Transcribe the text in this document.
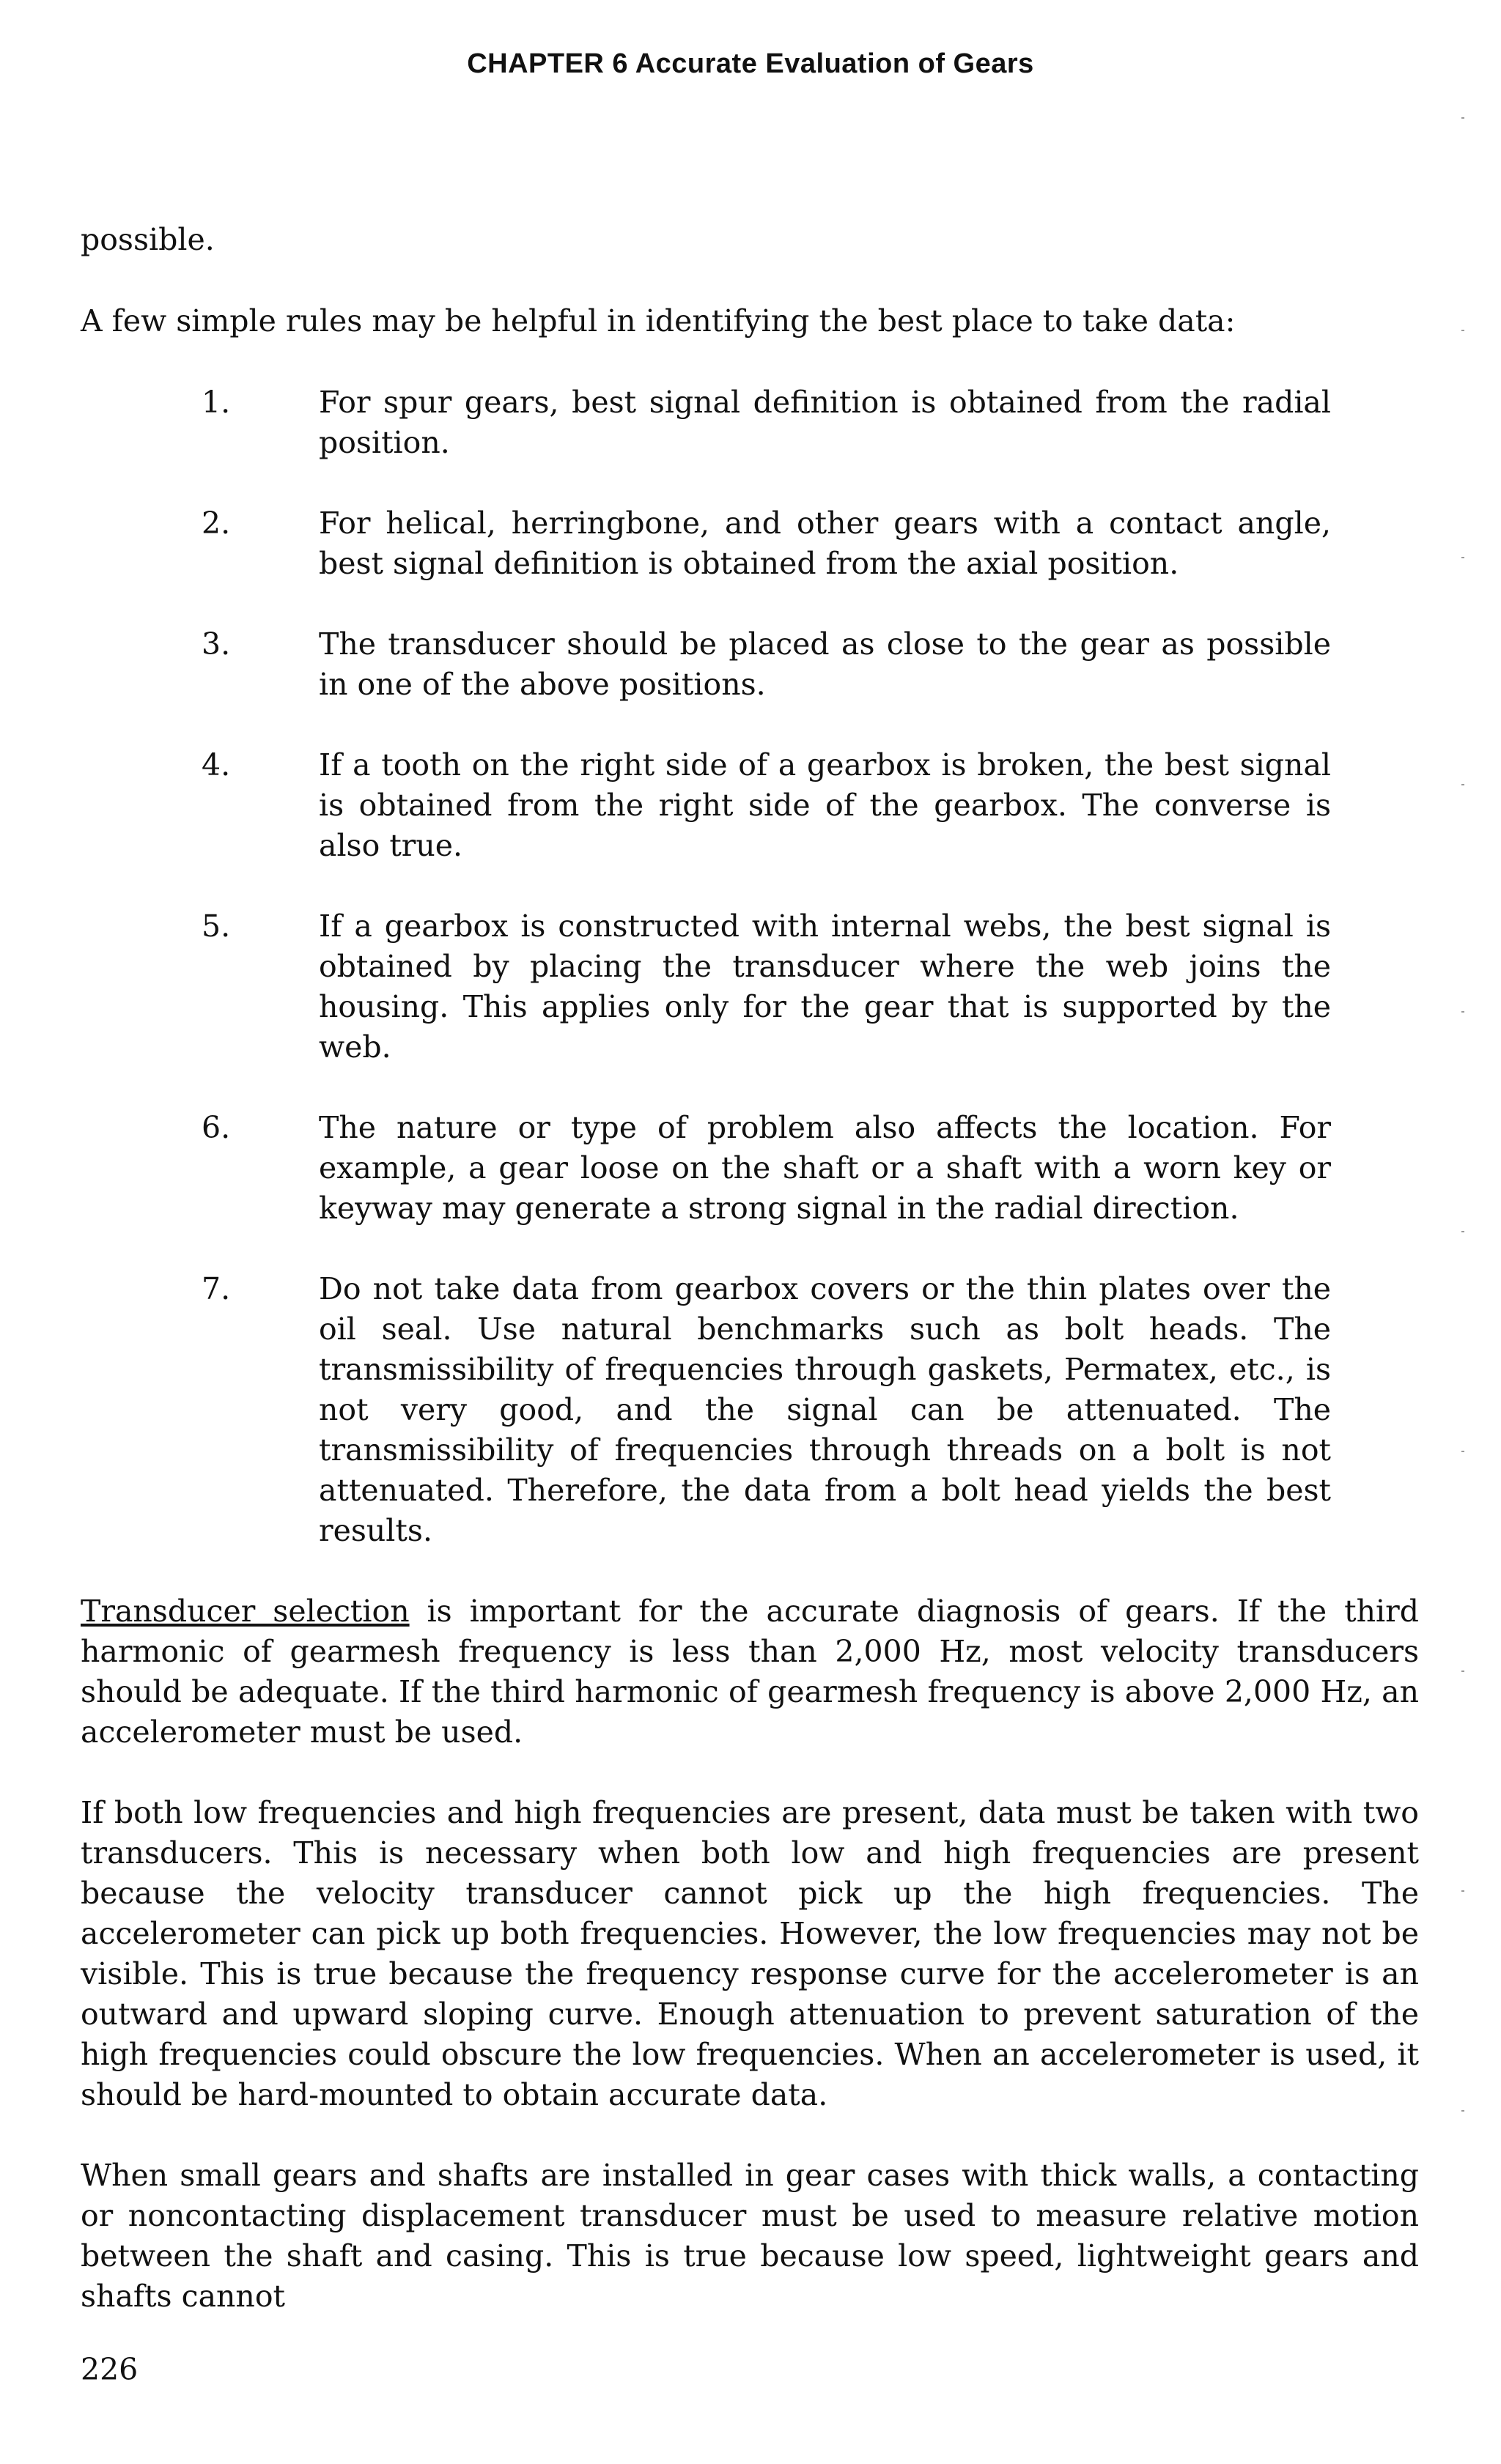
CHAPTER 6 Accurate Evaluation of Gears

possible.

A few simple rules may be helpful in identifying the best place to take data:

1.	For spur gears, best signal definition is obtained from the radial position.
2.	For helical, herringbone, and other gears with a contact angle, best signal definition is obtained from the axial position.
3.	The transducer should be placed as close to the gear as possible in one of the above positions.
4.	If a tooth on the right side of a gearbox is broken, the best signal is obtained from the right side of the gearbox. The converse is also true.
5.	If a gearbox is constructed with internal webs, the best signal is obtained by placing the transducer where the web joins the housing. This applies only for the gear that is supported by the web.
6.	The nature or type of problem also affects the location. For example, a gear loose on the shaft or a shaft with a worn key or keyway may generate a strong signal in the radial direction.
7.	Do not take data from gearbox covers or the thin plates over the oil seal. Use natural benchmarks such as bolt heads. The transmissibility of frequencies through gaskets, Permatex, etc., is not very good, and the signal can be attenuated. The transmissibility of frequencies through threads on a bolt is not attenuated. Therefore, the data from a bolt head yields the best results.

Transducer selection is important for the accurate diagnosis of gears. If the third harmonic of gearmesh frequency is less than 2,000 Hz, most velocity transducers should be adequate. If the third harmonic of gearmesh frequency is above 2,000 Hz, an accelerometer must be used.

If both low frequencies and high frequencies are present, data must be taken with two transducers. This is necessary when both low and high frequencies are present because the velocity transducer cannot pick up the high frequencies. The accelerometer can pick up both frequencies. However, the low frequencies may not be visible. This is true because the frequency response curve for the accelerometer is an outward and upward sloping curve. Enough attenuation to prevent saturation of the high frequencies could obscure the low frequencies. When an accelerometer is used, it should be hard-mounted to obtain accurate data.

When small gears and shafts are installed in gear cases with thick walls, a contacting or noncontacting displacement transducer must be used to measure relative motion between the shaft and casing. This is true because low speed, lightweight gears and shafts cannot

226
